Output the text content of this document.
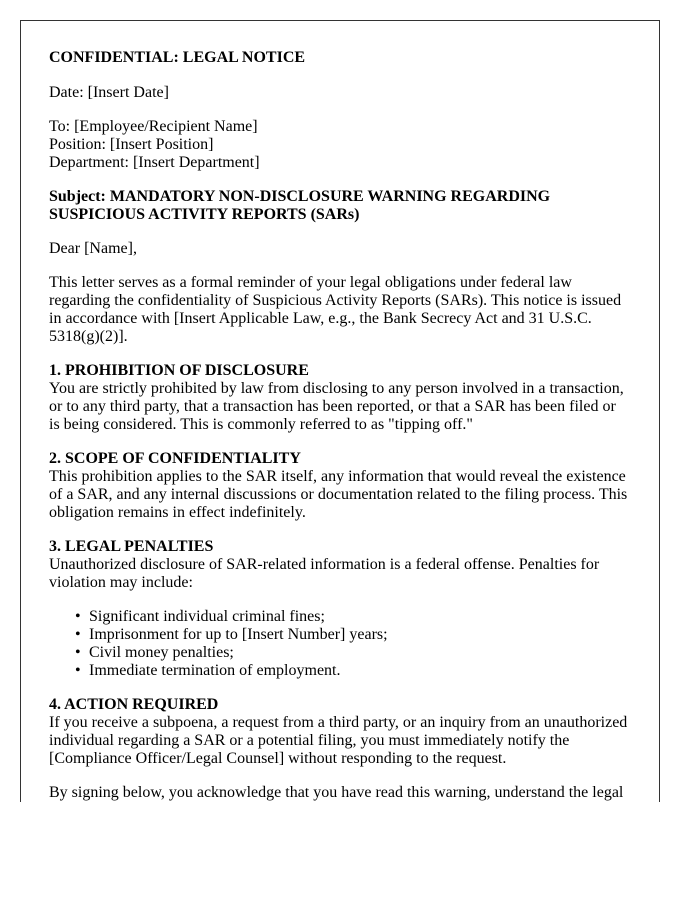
CONFIDENTIAL: LEGAL NOTICE

Date: [Insert Date]

To: [Employee/Recipient Name]
Position: [Insert Position]
Department: [Insert Department]

Subject: MANDATORY NON-DISCLOSURE WARNING REGARDING SUSPICIOUS ACTIVITY REPORTS (SARs)

Dear [Name],

This letter serves as a formal reminder of your legal obligations under federal law regarding the confidentiality of Suspicious Activity Reports (SARs). This notice is issued in accordance with [Insert Applicable Law, e.g., the Bank Secrecy Act and 31 U.S.C. 5318(g)(2)].

1. PROHIBITION OF DISCLOSURE
You are strictly prohibited by law from disclosing to any person involved in a transaction, or to any third party, that a transaction has been reported, or that a SAR has been filed or is being considered. This is commonly referred to as "tipping off."
2. SCOPE OF CONFIDENTIALITY
This prohibition applies to the SAR itself, any information that would reveal the existence of a SAR, and any internal discussions or documentation related to the filing process. This obligation remains in effect indefinitely.
3. LEGAL PENALTIES
Unauthorized disclosure of SAR-related information is a federal offense. Penalties for violation may include:
• Significant individual criminal fines;
• Imprisonment for up to [Insert Number] years;
• Civil money penalties;
• Immediate termination of employment.
4. ACTION REQUIRED
If you receive a subpoena, a request from a third party, or an inquiry from an unauthorized individual regarding a SAR or a potential filing, you must immediately notify the [Compliance Officer/Legal Counsel] without responding to the request.

By signing below, you acknowledge that you have read this warning, understand the legal
